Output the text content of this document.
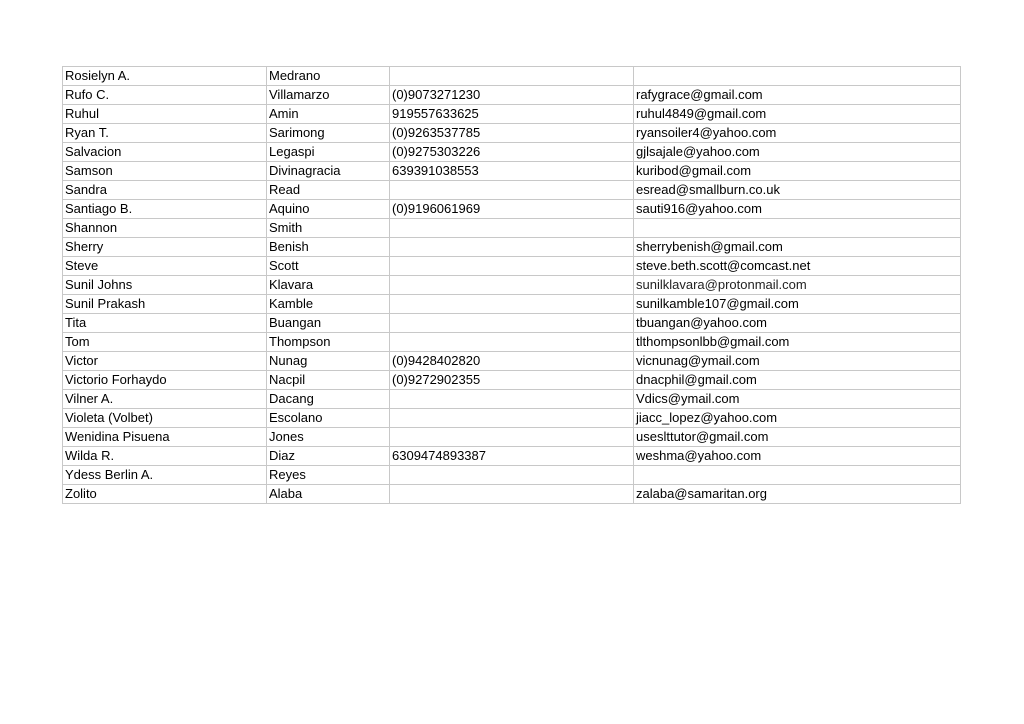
Rosielyn A.	Medrano		
Rufo C.	Villamarzo	(0)9073271230	rafygrace@gmail.com
Ruhul	Amin	919557633625	ruhul4849@gmail.com
Ryan T.	Sarimong	(0)9263537785	ryansoiler4@yahoo.com
Salvacion	Legaspi	(0)9275303226	gjlsajale@yahoo.com
Samson	Divinagracia	639391038553	kuribod@gmail.com
Sandra	Read		esread@smallburn.co.uk
Santiago B.	Aquino	(0)9196061969	sauti916@yahoo.com
Shannon	Smith		
Sherry	Benish		sherrybenish@gmail.com
Steve	Scott		steve.beth.scott@comcast.net
Sunil Johns	Klavara		sunilklavara@protonmail.com
Sunil Prakash	Kamble		sunilkamble107@gmail.com
Tita	Buangan		tbuangan@yahoo.com
Tom	Thompson		tlthompsonlbb@gmail.com
Victor	Nunag	(0)9428402820	vicnunag@ymail.com
Victorio Forhaydo	Nacpil	(0)9272902355	dnacphil@gmail.com
Vilner A.	Dacang		Vdics@ymail.com
Violeta (Volbet)	Escolano		jiacc_lopez@yahoo.com
Wenidina Pisuena	Jones		useslttutor@gmail.com
Wilda R.	Diaz	6309474893387	weshma@yahoo.com
Ydess Berlin A.	Reyes		
Zolito	Alaba		zalaba@samaritan.org
